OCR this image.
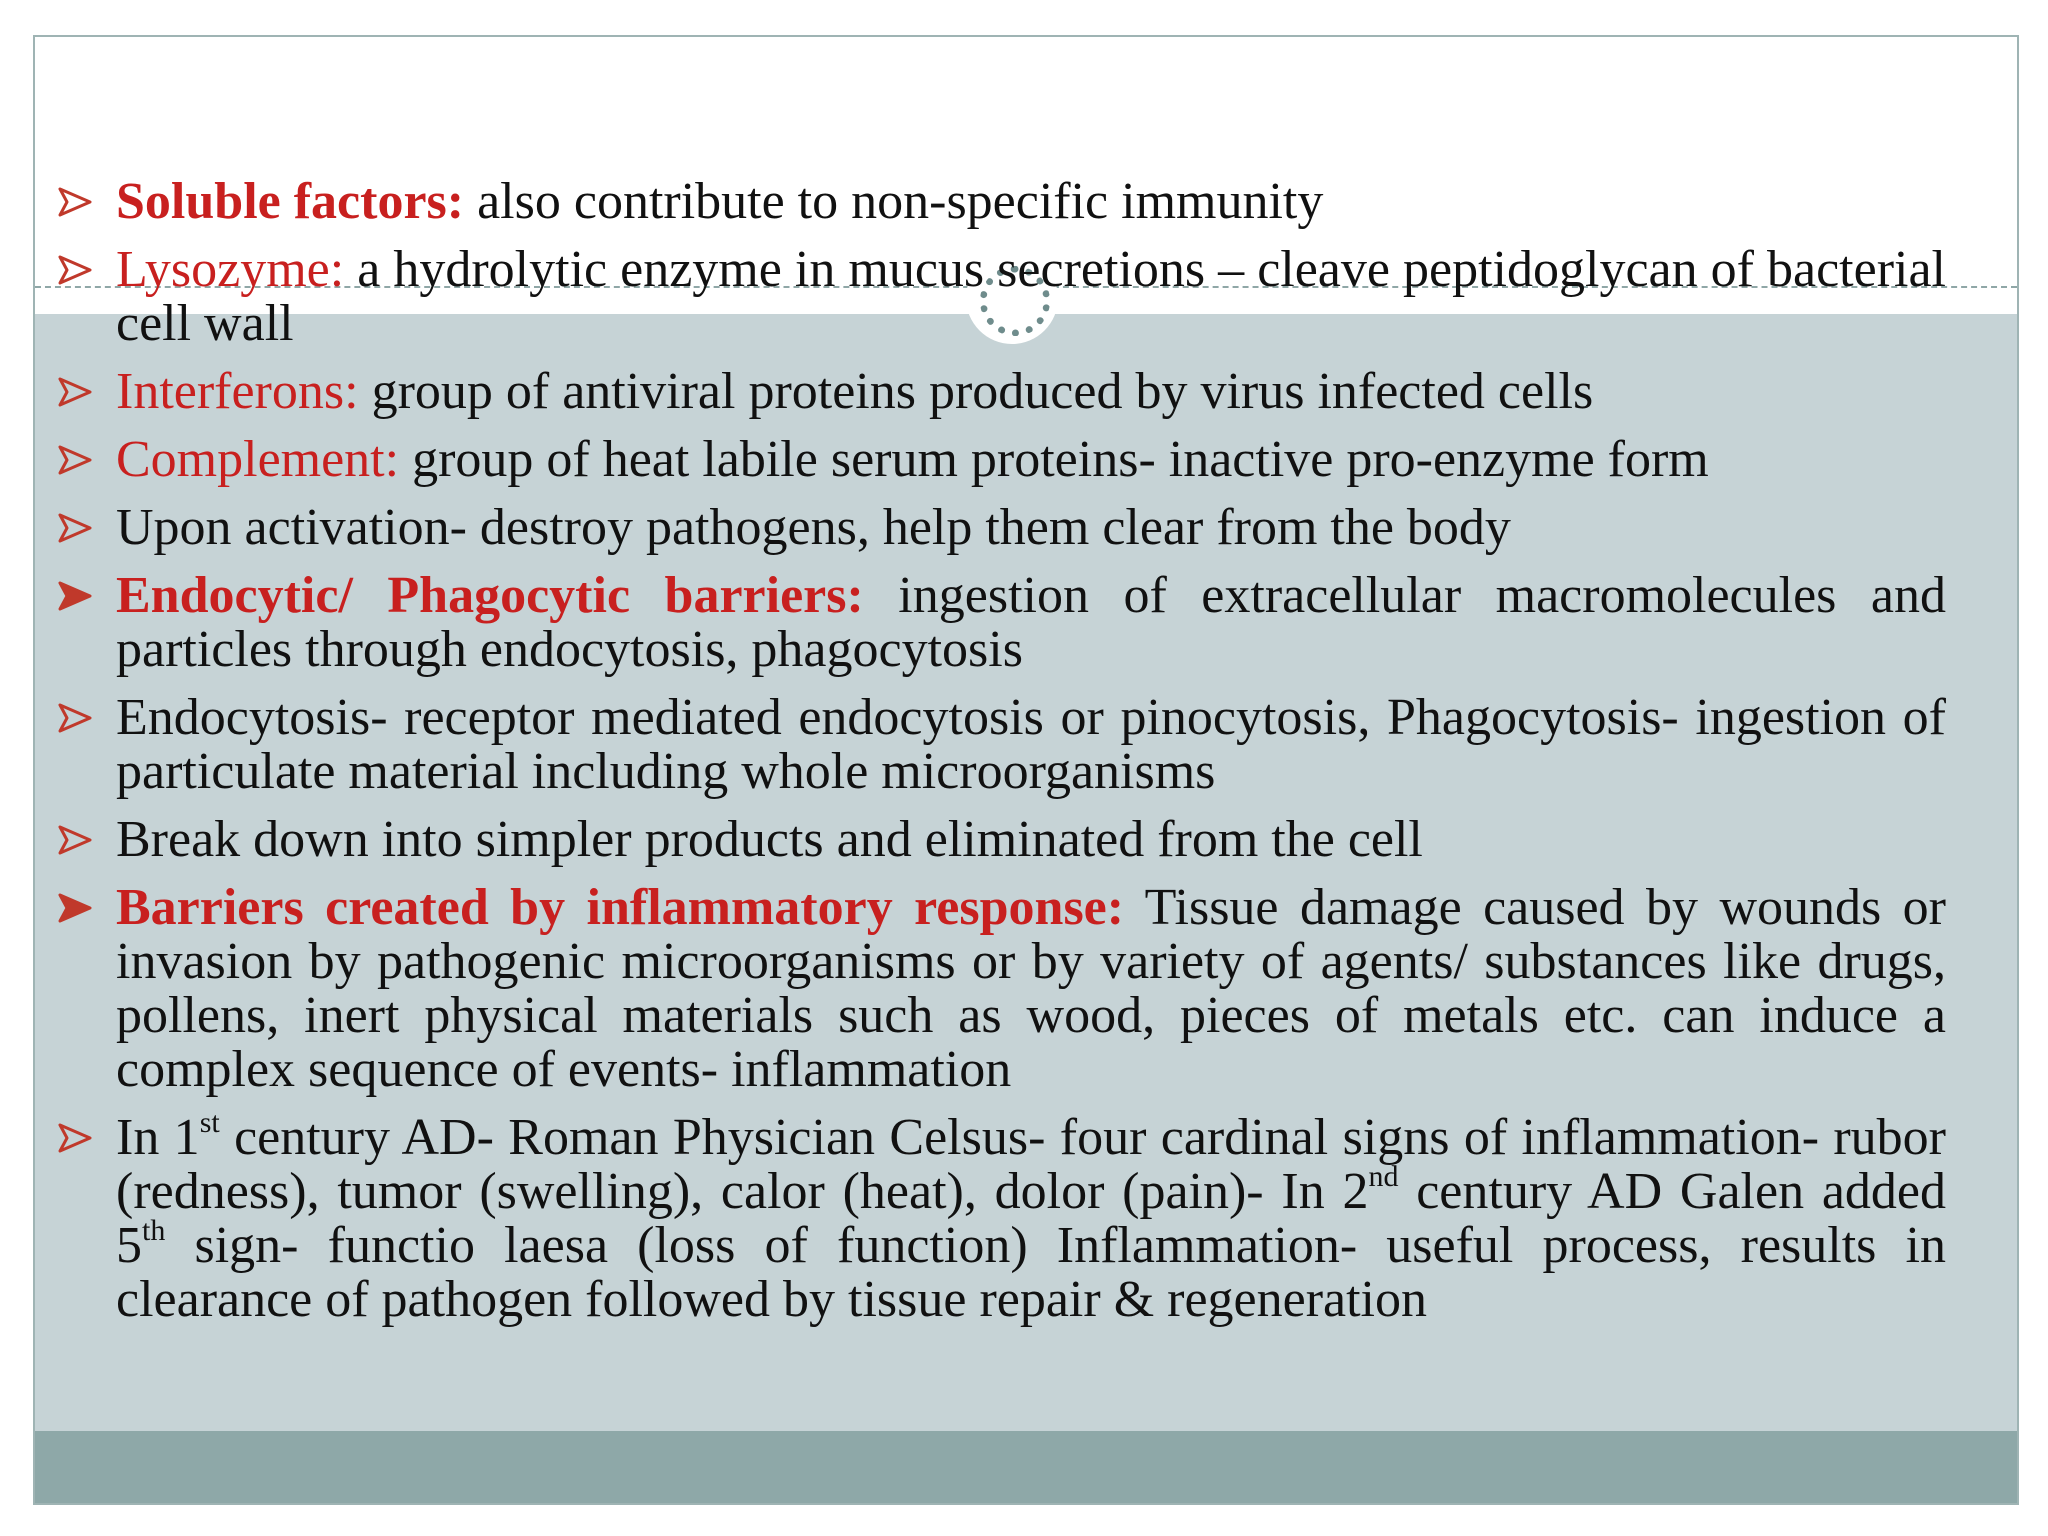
Soluble factors: also contribute to non-specific immunity
Lysozyme: a hydrolytic enzyme in mucus secretions – cleave peptidoglycan of bacterial cell wall
Interferons: group of antiviral proteins produced by virus infected cells
Complement: group of heat labile serum proteins- inactive pro-enzyme form
Upon activation- destroy pathogens, help them clear from the body
Endocytic/ Phagocytic barriers: ingestion of extracellular macromolecules and particles through endocytosis, phagocytosis
Endocytosis- receptor mediated endocytosis or pinocytosis, Phagocytosis- ingestion of particulate material including whole microorganisms
Break down into simpler products and eliminated from the cell
Barriers created by inflammatory response: Tissue damage caused by wounds or invasion by pathogenic microorganisms or by variety of agents/ substances like drugs, pollens, inert physical materials such as wood, pieces of metals etc. can induce a complex sequence of events- inflammation
In 1st century AD- Roman Physician Celsus- four cardinal signs of inflammation- rubor (redness), tumor (swelling), calor (heat), dolor (pain)- In 2nd century AD Galen added 5th sign- functio laesa (loss of function) Inflammation- useful process, results in clearance of pathogen followed by tissue repair & regeneration
